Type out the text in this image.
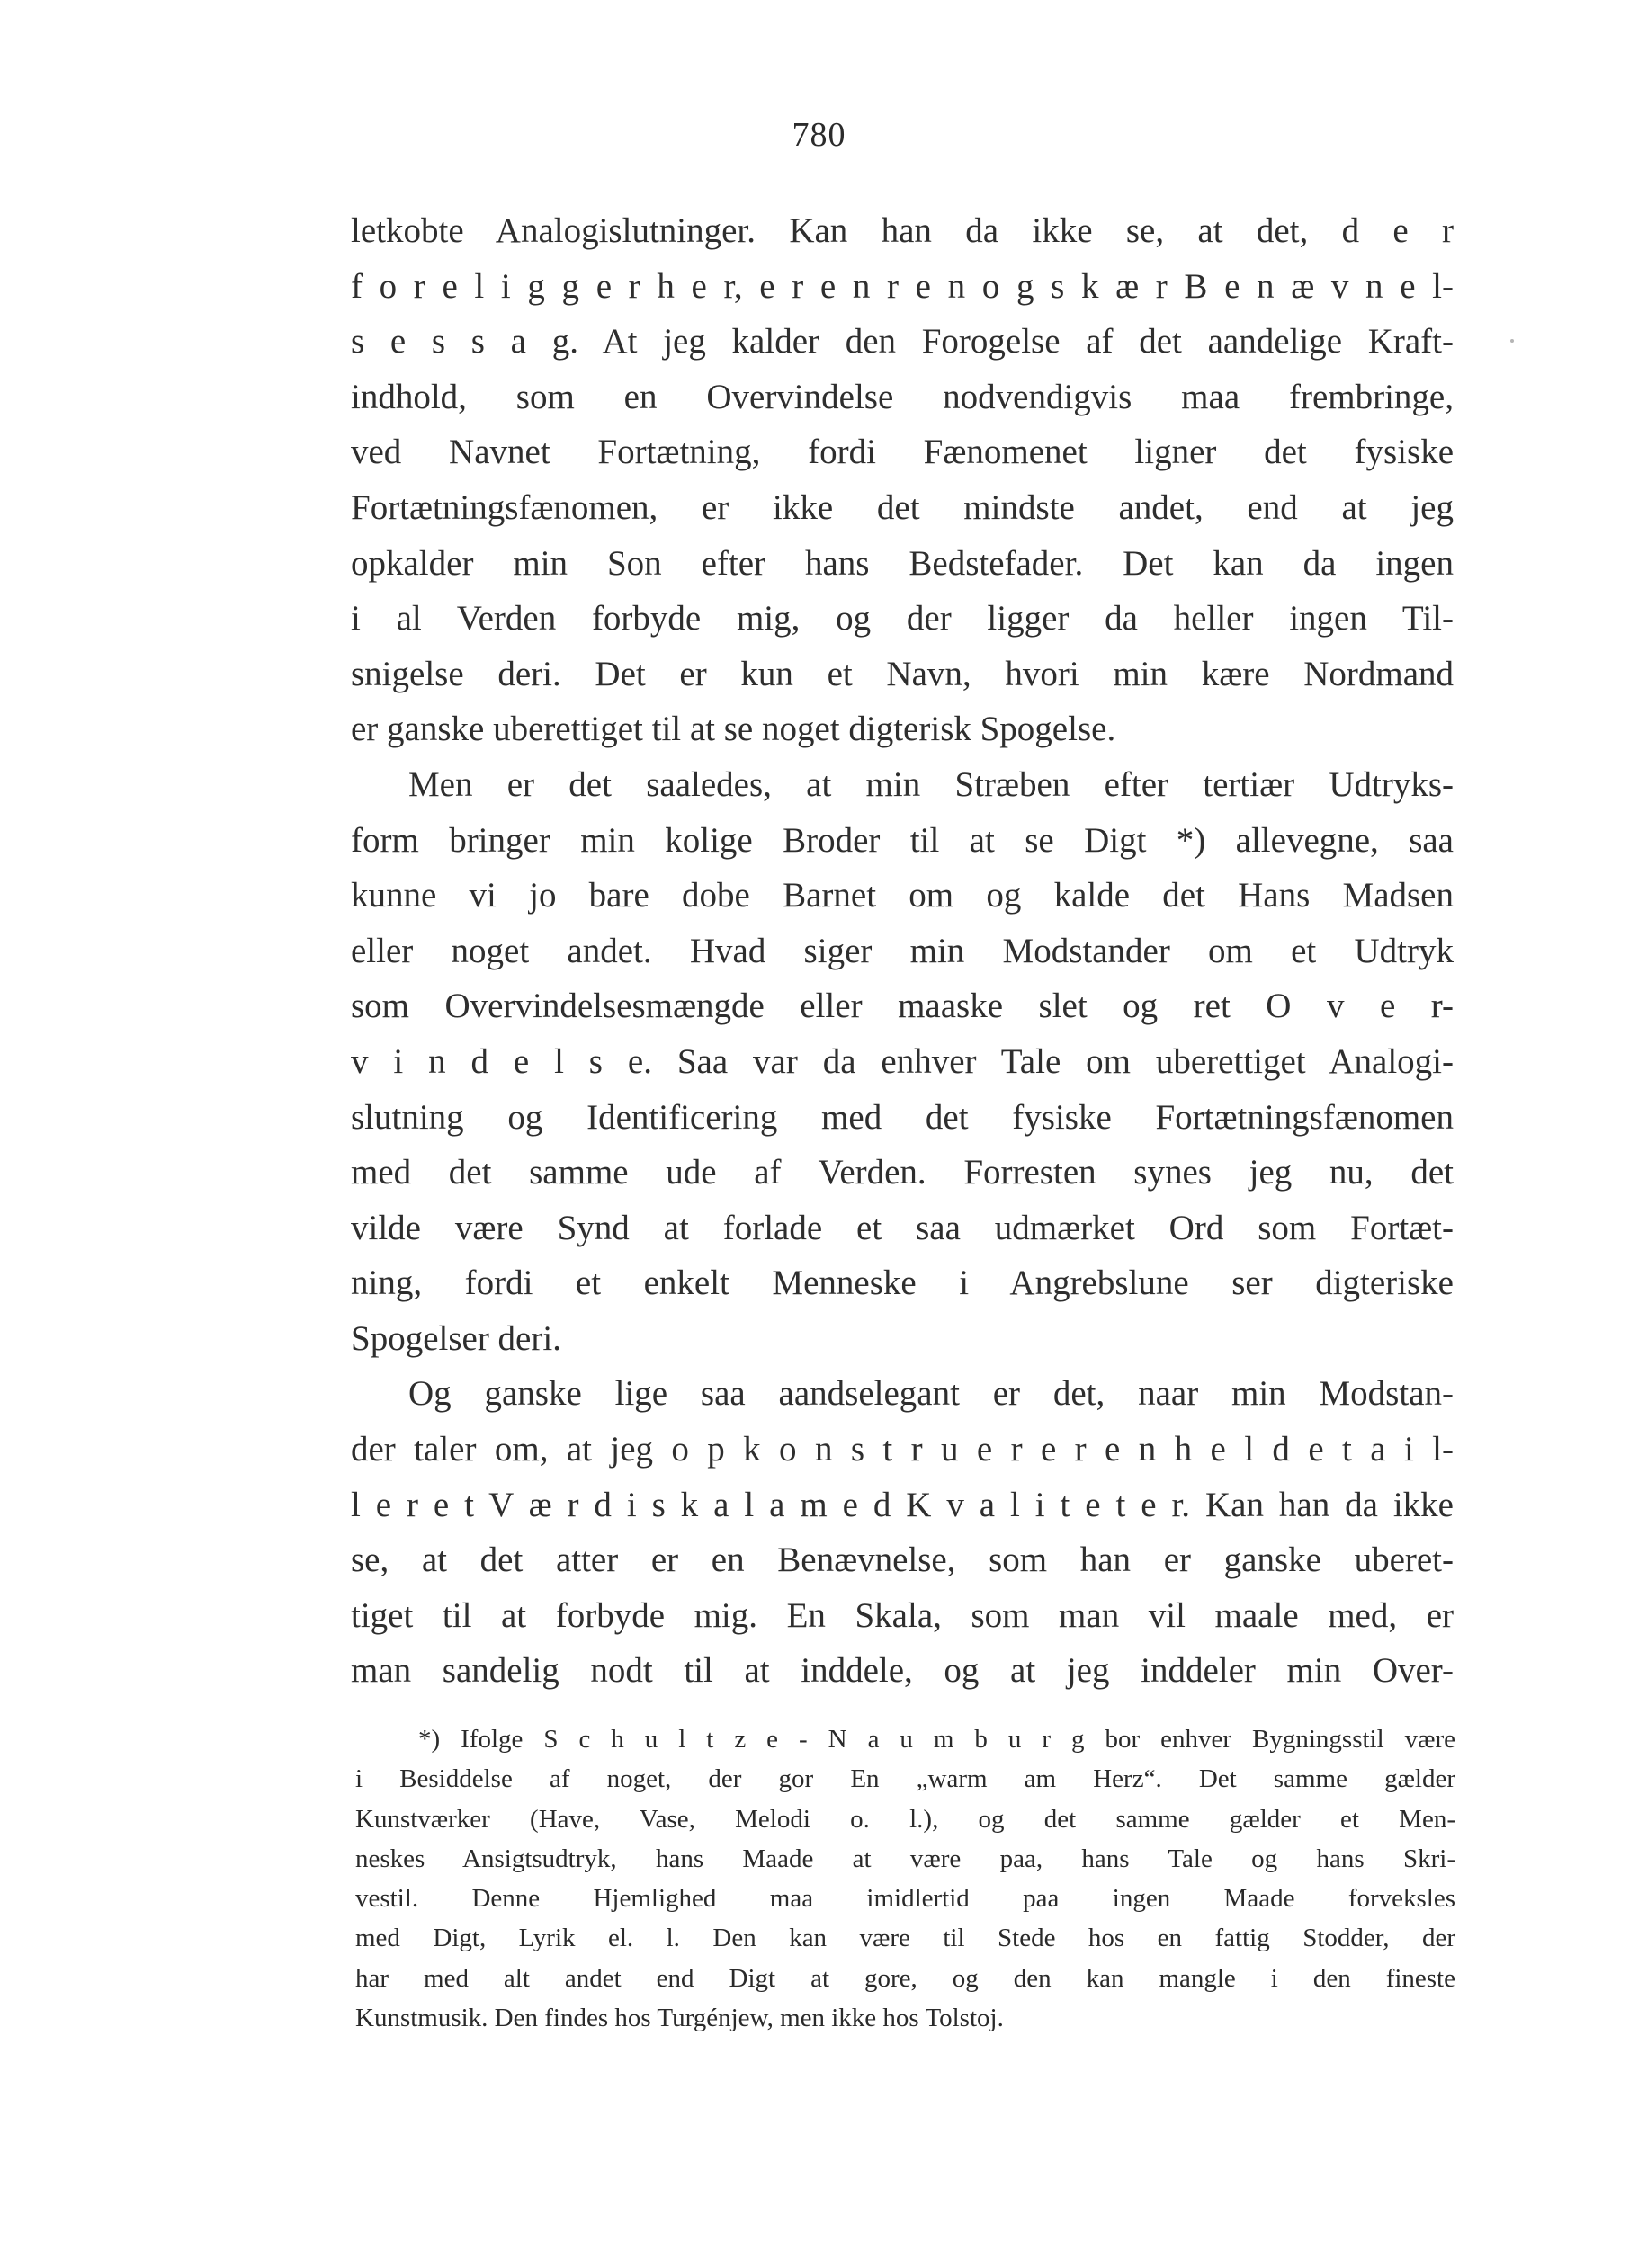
780
letkobte Analogislutninger. Kan han da ikke se, at det, d e r
f o r e l i g g e r h e r, e r e n r e n o g s k æ r B e n æ v n e l-
s e s s a g. At jeg kalder den Forogelse af det aandelige Kraft-
indhold, som en Overvindelse nodvendigvis maa frembringe,
ved Navnet Fortætning, fordi Fænomenet ligner det fysiske
Fortætningsfænomen, er ikke det mindste andet, end at jeg
opkalder min Son efter hans Bedstefader. Det kan da ingen
i al Verden forbyde mig, og der ligger da heller ingen Til-
snigelse deri. Det er kun et Navn, hvori min kære Nordmand
er ganske uberettiget til at se noget digterisk Spogelse.
Men er det saaledes, at min Stræben efter tertiær Udtryks-
form bringer min kolige Broder til at se Digt *) allevegne, saa
kunne vi jo bare dobe Barnet om og kalde det Hans Madsen
eller noget andet. Hvad siger min Modstander om et Udtryk
som Overvindelsesmængde eller maaske slet og ret O v e r-
v i n d e l s e. Saa var da enhver Tale om uberettiget Analogi-
slutning og Identificering med det fysiske Fortætningsfænomen
med det samme ude af Verden. Forresten synes jeg nu, det
vilde være Synd at forlade et saa udmærket Ord som Fortæt-
ning, fordi et enkelt Menneske i Angrebslune ser digteriske
Spogelser deri.
Og ganske lige saa aandselegant er det, naar min Modstan-
der taler om, at jeg o p k o n s t r u e r e r e n h e l d e t a i l-
l e r e t V æ r d i s k a l a m e d K v a l i t e t e r. Kan han da ikke
se, at det atter er en Benævnelse, som han er ganske uberet-
tiget til at forbyde mig. En Skala, som man vil maale med, er
man sandelig nodt til at inddele, og at jeg inddeler min Over-
*) Ifolge S c h u l t z e - N a u m b u r g bor enhver Bygningsstil være
i Besiddelse af noget, der gor En „warm am Herz“. Det samme gælder
Kunstværker (Have, Vase, Melodi o. l.), og det samme gælder et Men-
neskes Ansigtsudtryk, hans Maade at være paa, hans Tale og hans Skri-
vestil. Denne Hjemlighed maa imidlertid paa ingen Maade forveksles
med Digt, Lyrik el. l. Den kan være til Stede hos en fattig Stodder, der
har med alt andet end Digt at gore, og den kan mangle i den fineste
Kunstmusik. Den findes hos Turgénjew, men ikke hos Tolstoj.
